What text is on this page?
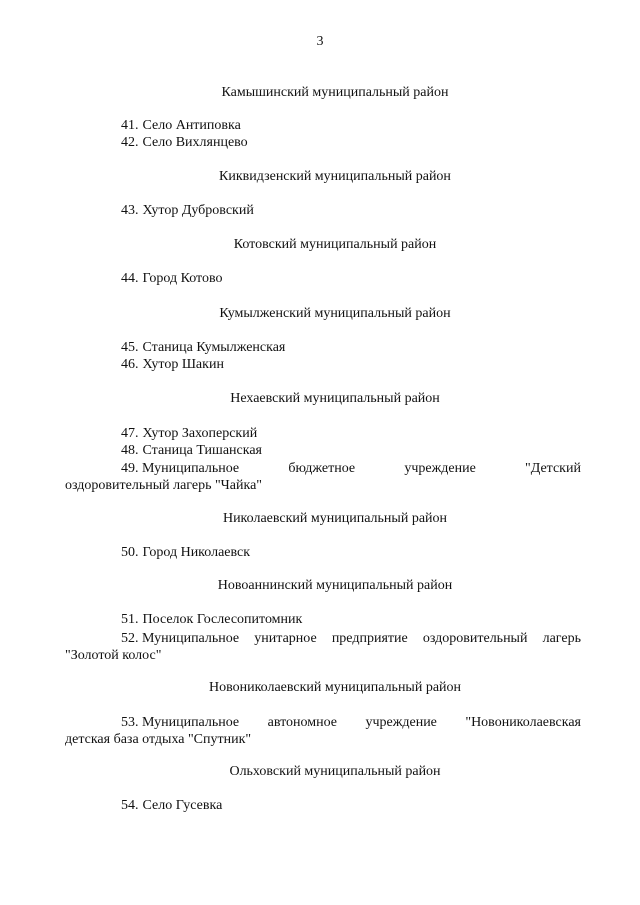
3
Камышинский муниципальный район
41. Село Антиповка
42. Село Вихлянцево
Киквидзенский муниципальный район
43. Хутор Дубровский
Котовский муниципальный район
44. Город Котово
Кумылженский муниципальный район
45. Станица Кумылженская
46. Хутор Шакин
Нехаевский муниципальный район
47. Хутор Захоперский
48. Станица Тишанская
49. Муниципальное	бюджетное	учреждение	"Детский
оздоровительный лагерь "Чайка"
Николаевский муниципальный район
50. Город Николаевск
Новоаннинский муниципальный район
51. Поселок Гослесопитомник
52. Муниципальное унитарное предприятие оздоровительный лагерь
"Золотой колос"
Новониколаевский муниципальный район
53. Муниципальное автономное учреждение "Новониколаевская
детская база отдыха "Спутник"
Ольховский муниципальный район
54. Село Гусевка
